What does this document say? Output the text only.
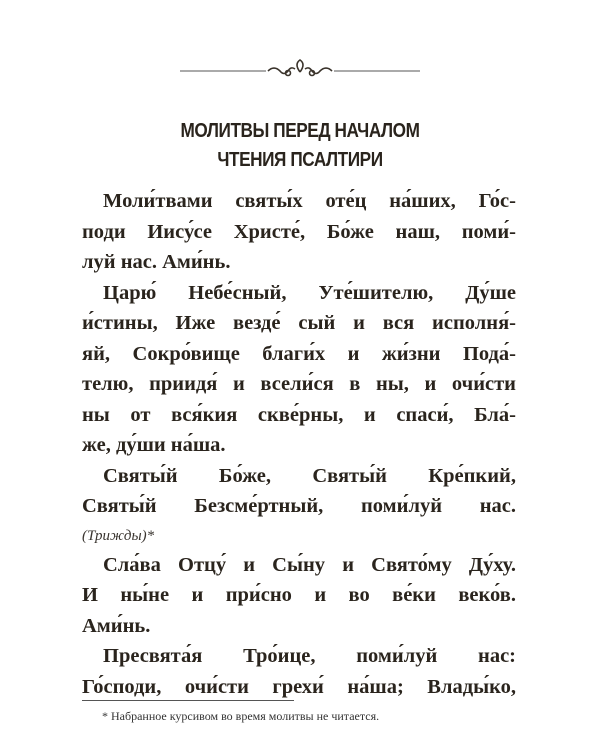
МОЛИТВЫ ПЕРЕД НАЧАЛОМ
ЧТЕНИЯ ПСАЛТИРИ
Моли́твами святы́х оте́ц на́ших, Го́с-
поди Иису́се Христе́, Бо́же наш, поми́-
луй нас. Ами́нь.
Царю́ Небе́сный, Уте́шителю, Ду́ше
и́стины, Иже везде́ сый и вся исполня́-
яй, Сокро́вище благи́х и жи́зни Пода́-
телю, приидя́ и всели́ся в ны, и очи́сти
ны от вся́кия скве́рны, и спаси́, Бла́-
же, ду́ши на́ша.
Святы́й Бо́же, Святы́й Кре́пкий,
Святы́й Безсме́ртный, поми́луй нас.
(Трижды)*
Сла́ва Отцу́ и Сы́ну и Свято́му Ду́ху.
И ны́не и при́сно и во ве́ки веко́в.
Ами́нь.
Пресвята́я Тро́ице, поми́луй нас:
Го́споди, очи́сти грехи́ на́ша; Влады́ко,
* Набранное курсивом во время молитвы не читается.
